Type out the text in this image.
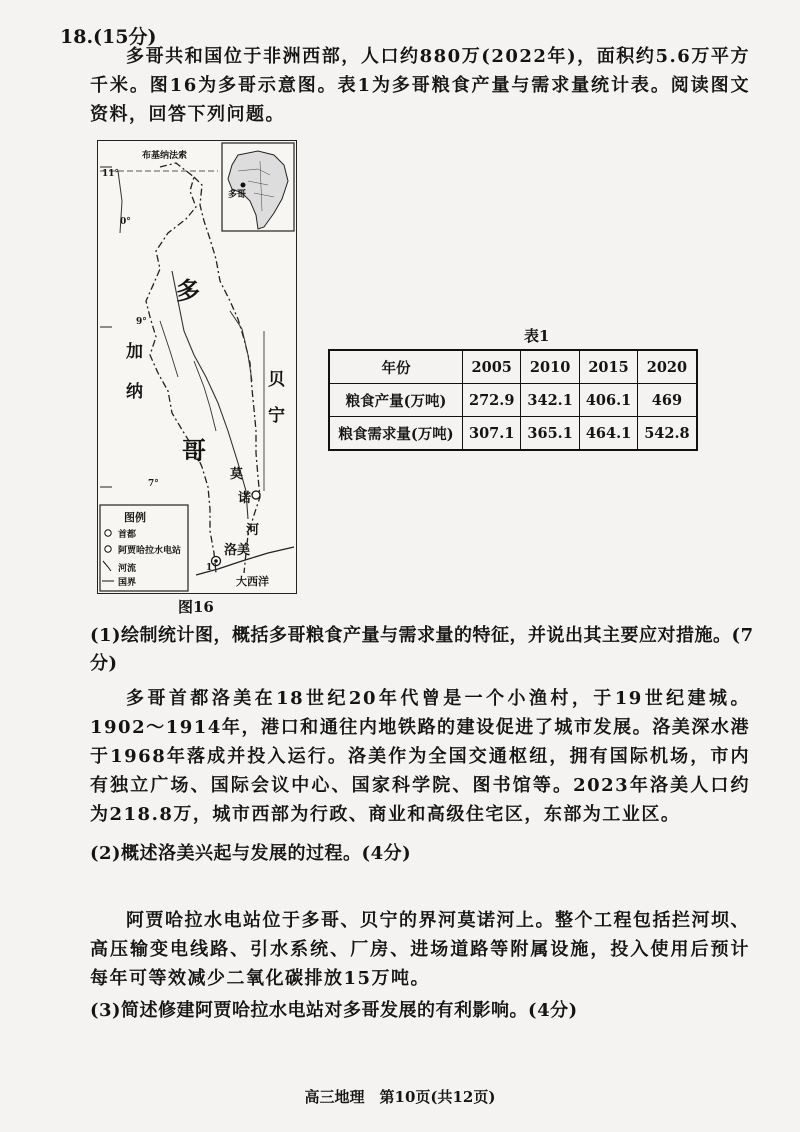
18.(15分)
多哥共和国位于非洲西部，人口约880万(2022年)，面积约5.6万平方千米。图16为多哥示意图。表1为多哥粮食产量与需求量统计表。阅读图文资料，回答下列问题。
布基纳法索
11°
9°
7°
0°
1°
多哥
多
哥
加
纳
贝
宁
莫
诺
河
洛美
大西洋
图例
首都
阿贾哈拉水电站
河流
国界
图16
表1
年份	2005	2010	2015	2020
粮食产量(万吨)	272.9	342.1	406.1	469
粮食需求量(万吨)	307.1	365.1	464.1	542.8
(1)绘制统计图，概括多哥粮食产量与需求量的特征，并说出其主要应对措施。(7分)
多哥首都洛美在18世纪20年代曾是一个小渔村，于19世纪建城。1902～1914年，港口和通往内地铁路的建设促进了城市发展。洛美深水港于1968年落成并投入运行。洛美作为全国交通枢纽，拥有国际机场，市内有独立广场、国际会议中心、国家科学院、图书馆等。2023年洛美人口约为218.8万，城市西部为行政、商业和高级住宅区，东部为工业区。
(2)概述洛美兴起与发展的过程。(4分)
阿贾哈拉水电站位于多哥、贝宁的界河莫诺河上。整个工程包括拦河坝、高压输变电线路、引水系统、厂房、进场道路等附属设施，投入使用后预计每年可等效减少二氧化碳排放15万吨。
(3)简述修建阿贾哈拉水电站对多哥发展的有利影响。(4分)
高三地理　第10页(共12页)
